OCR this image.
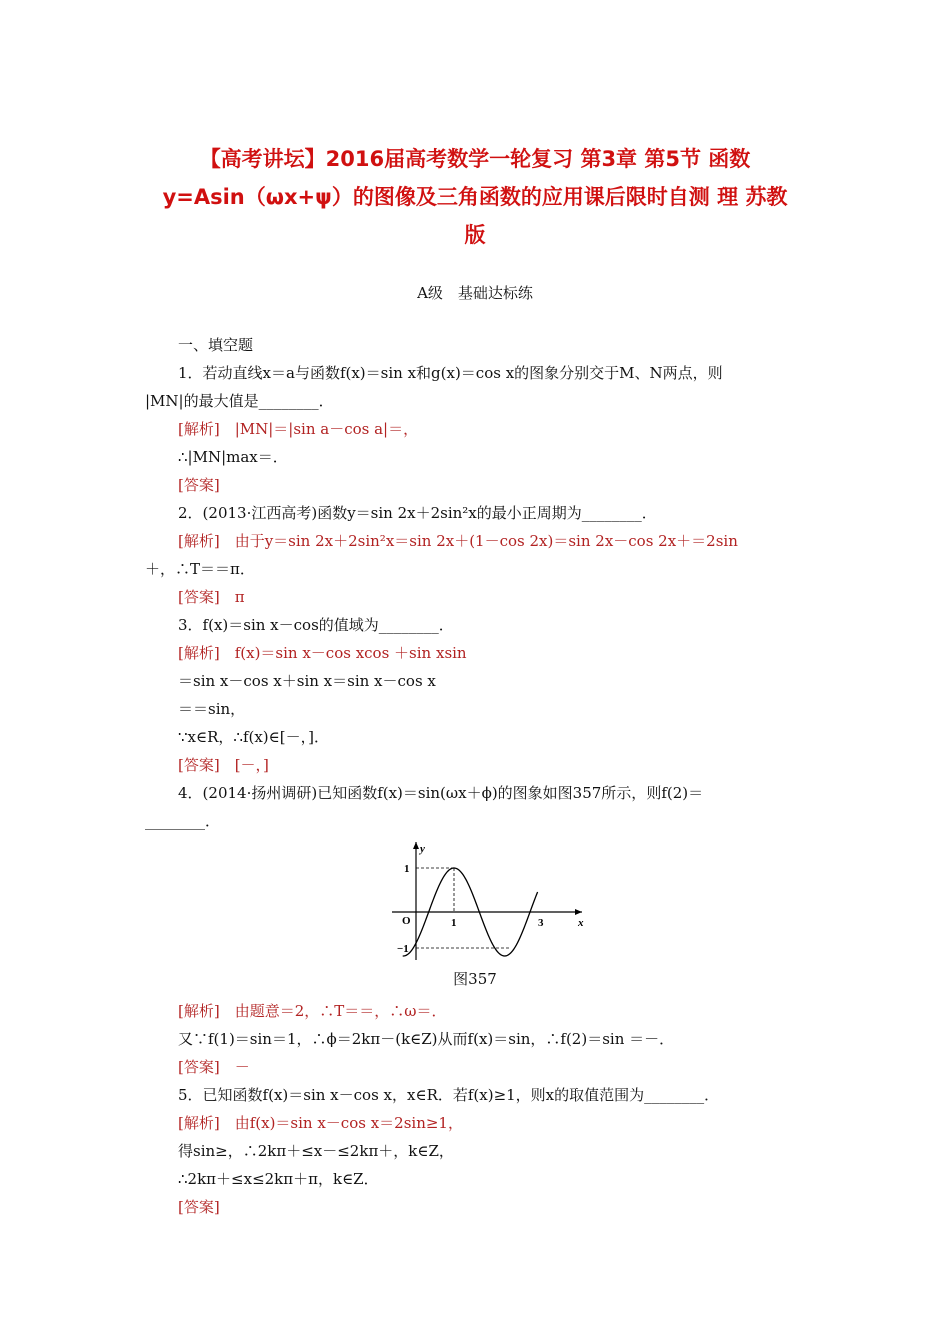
【高考讲坛】2016届高考数学一轮复习 第3章 第5节 函数
y=Asin（ωx+ψ）的图像及三角函数的应用课后限时自测 理 苏教
版
A级　基础达标练
一、填空题
1．若动直线x＝a与函数f(x)＝sin x和g(x)＝cos x的图象分别交于M、N两点，则
|MN|的最大值是________．
[解析]　|MN|＝|sin a－cos a|＝，
∴|MN|max＝．
[答案]
2．(2013·江西高考)函数y＝sin 2x＋2sin²x的最小正周期为________．
[解析]　由于y＝sin 2x＋2sin²x＝sin 2x＋(1－cos 2x)＝sin 2x－cos 2x＋＝2sin
＋，∴T＝＝π．
[答案]　π
3．f(x)＝sin x－cos的值域为________．
[解析]　f(x)＝sin x－cos xcos ＋sin xsin
＝sin x－cos x＋sin x＝sin x－cos x
＝＝sin，
∵x∈R，∴f(x)∈[－，]．
[答案]　[－，]
4．(2014·扬州调研)已知函数f(x)＝sin(ωx＋ϕ)的图象如图357所示，则f(2)＝
________．
y
x
O
1
−1
1	3
图357
[解析]　由题意＝2，∴T＝＝，∴ω＝．
又∵f(1)＝sin＝1，∴ϕ＝2kπ－(k∈Z)从而f(x)＝sin，∴f(2)＝sin ＝－．
[答案]　－
5．已知函数f(x)＝sin x－cos x，x∈R．若f(x)≥1，则x的取值范围为________．
[解析]　由f(x)＝sin x－cos x＝2sin≥1，
得sin≥，∴2kπ＋≤x－≤2kπ＋，k∈Z，
∴2kπ＋≤x≤2kπ＋π，k∈Z．
[答案]
